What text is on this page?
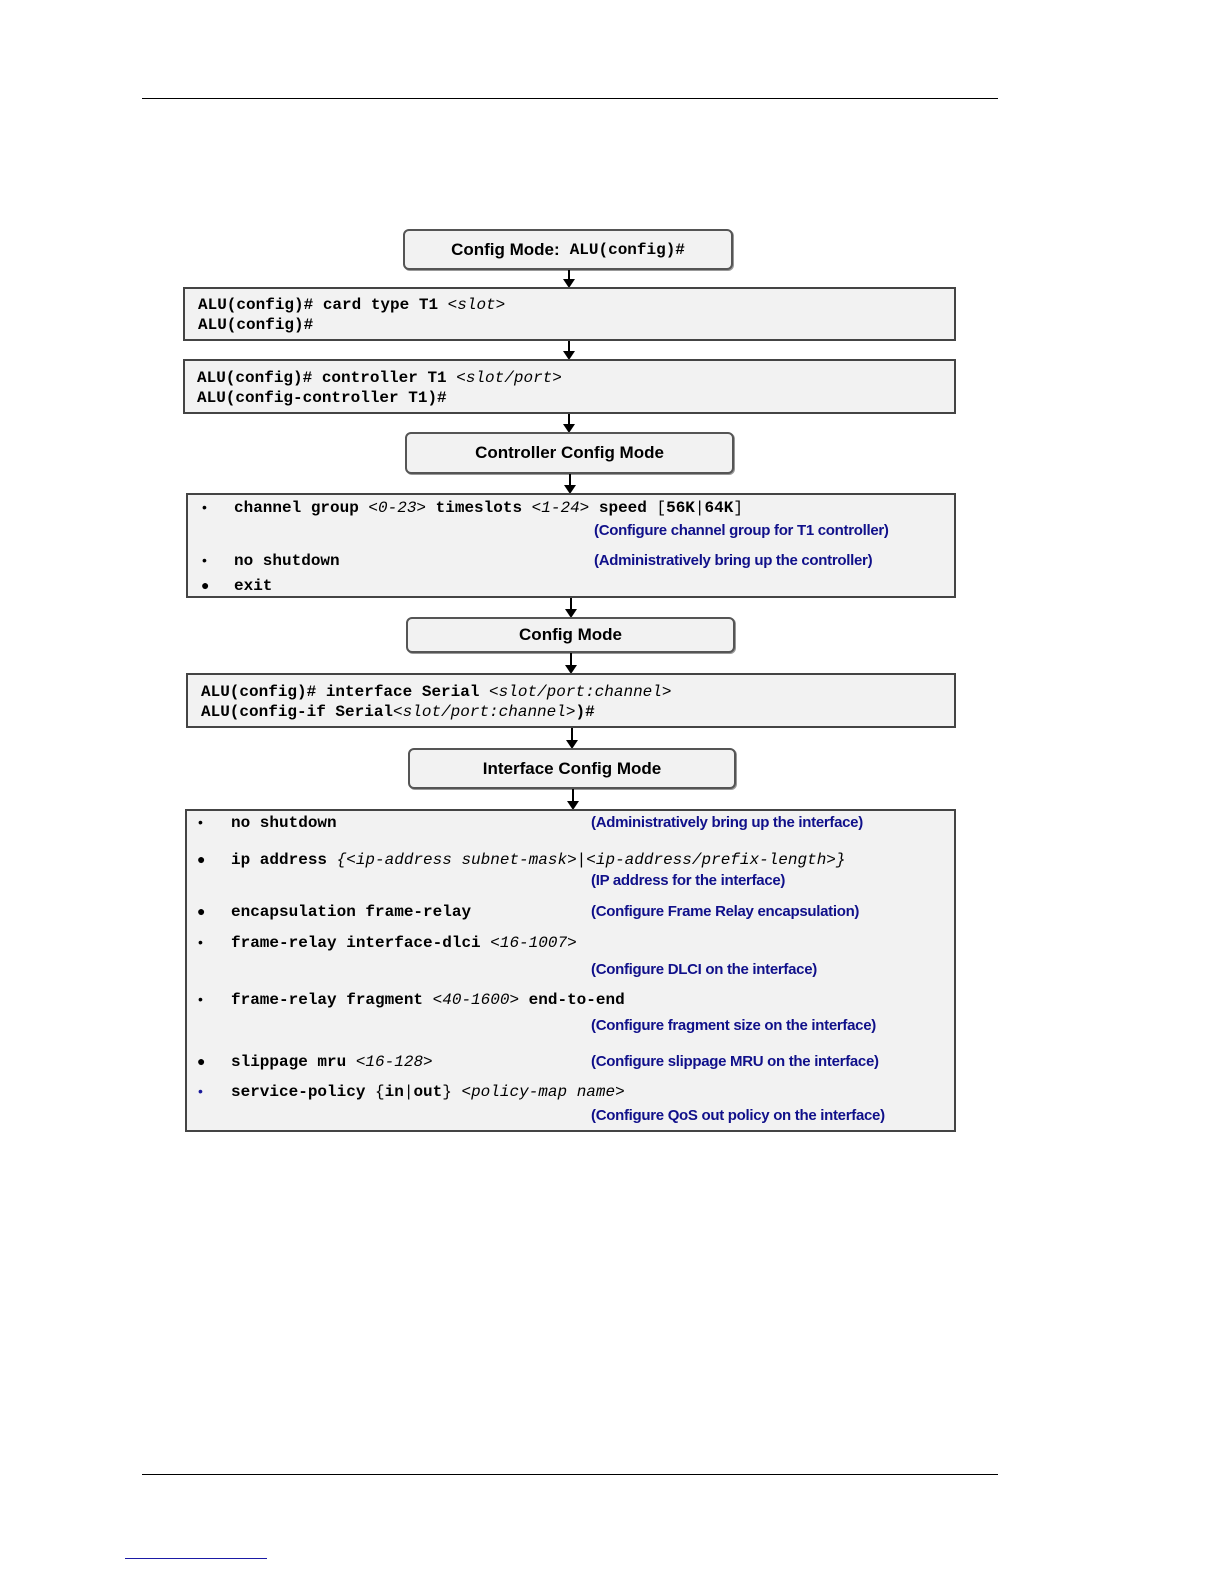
Config Mode: ALU(config)#
ALU(config)# card type T1 <slot>
ALU(config)#
ALU(config)# controller T1 <slot/port>
ALU(config-controller T1)#
Controller Config Mode
• channel group <0-23> timeslots <1-24> speed [56K|64K]
(Configure channel group for T1 controller)
• no shutdown	(Administratively bring up the controller)
● exit
Config Mode
ALU(config)# interface Serial <slot/port:channel>
ALU(config-if Serial<slot/port:channel>)#
Interface Config Mode
• no shutdown	(Administratively bring up the interface)
● ip address {<ip-address subnet-mask>|<ip-address/prefix-length>}
(IP address for the interface)
● encapsulation frame-relay	(Configure Frame Relay encapsulation)
• frame-relay interface-dlci <16-1007>
(Configure DLCI on the interface)
• frame-relay fragment <40-1600> end-to-end
(Configure fragment size on the interface)
● slippage mru <16-128>	(Configure slippage MRU on the interface)
• service-policy {in|out} <policy-map name>
(Configure QoS out policy on the interface)
